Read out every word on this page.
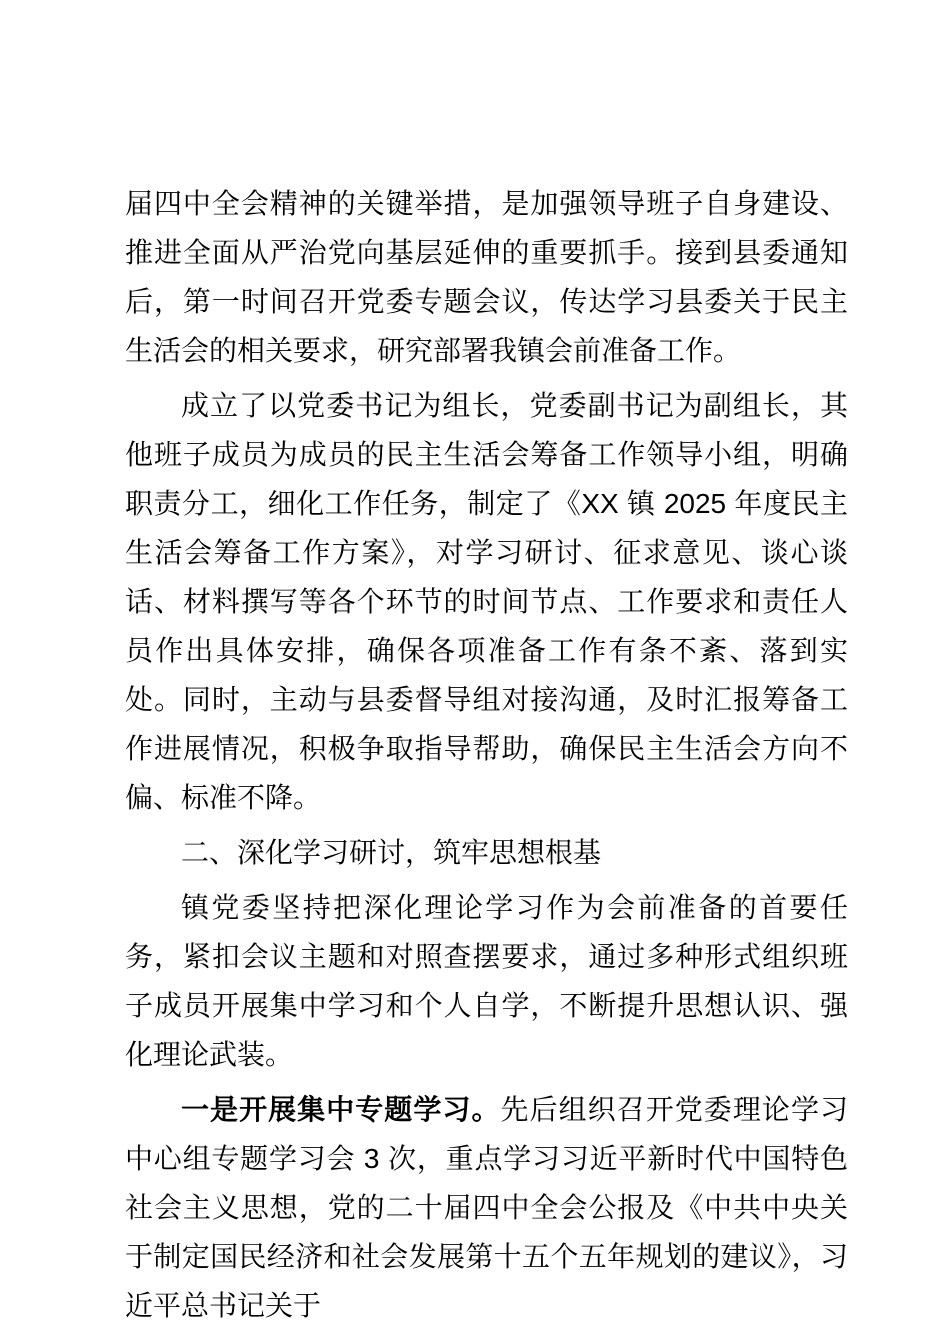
届四中全会精神的关键举措，是加强领导班子自身建设、推进全面从严治党向基层延伸的重要抓手。接到县委通知后，第一时间召开党委专题会议，传达学习县委关于民主生活会的相关要求，研究部署我镇会前准备工作。

成立了以党委书记为组长，党委副书记为副组长，其他班子成员为成员的民主生活会筹备工作领导小组，明确职责分工，细化工作任务，制定了《XX 镇 2025 年度民主生活会筹备工作方案》，对学习研讨、征求意见、谈心谈话、材料撰写等各个环节的时间节点、工作要求和责任人员作出具体安排，确保各项准备工作有条不紊、落到实处。同时，主动与县委督导组对接沟通，及时汇报筹备工作进展情况，积极争取指导帮助，确保民主生活会方向不偏、标准不降。

二、深化学习研讨，筑牢思想根基

镇党委坚持把深化理论学习作为会前准备的首要任务，紧扣会议主题和对照查摆要求，通过多种形式组织班子成员开展集中学习和个人自学，不断提升思想认识、强化理论武装。

一是开展集中专题学习。先后组织召开党委理论学习中心组专题学习会 3 次，重点学习习近平新时代中国特色社会主义思想，党的二十届四中全会公报及《中共中央关于制定国民经济和社会发展第十五个五年规划的建议》，习近平总书记关于
